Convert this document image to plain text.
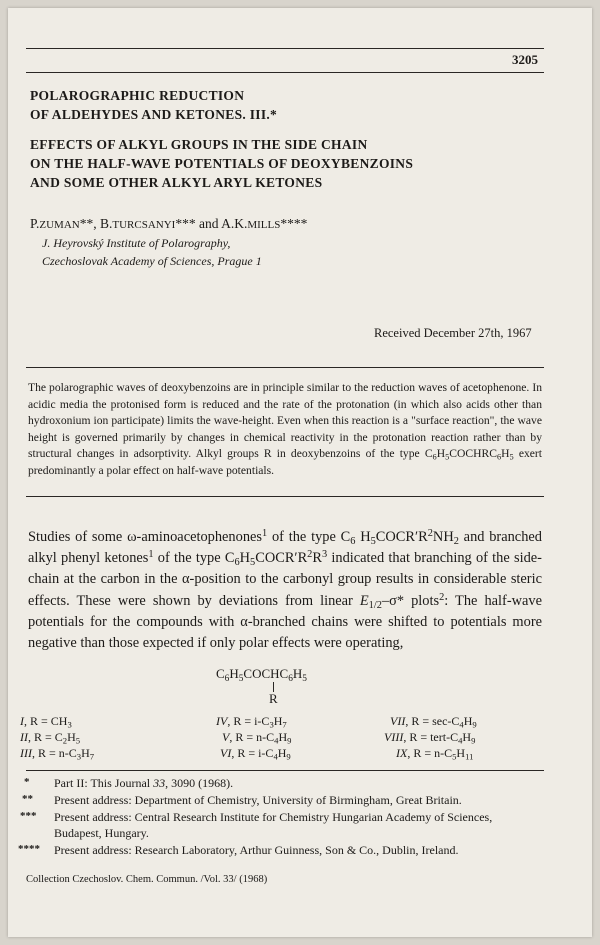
3205
POLAROGRAPHIC REDUCTION
OF ALDEHYDES AND KETONES. III.*
EFFECTS OF ALKYL GROUPS IN THE SIDE CHAIN
ON THE HALF-WAVE POTENTIALS OF DEOXYBENZOINS
AND SOME OTHER ALKYL ARYL KETONES
P.ZUMAN**, B.TURCSANYI*** and A.K.MILLS****
J. Heyrovský Institute of Polarography,
Czechoslovak Academy of Sciences, Prague 1
Received December 27th, 1967
The polarographic waves of deoxybenzoins are in principle similar to the reduction waves of acetophenone. In acidic media the protonised form is reduced and the rate of the protonation (in which also acids other than hydroxonium ion participate) limits the wave-height. Even when this reaction is a "surface reaction", the wave height is governed primarily by changes in chemical reactivity in the protonation reaction rather than by structural changes in adsorptivity. Alkyl groups R in deoxybenzoins of the type $C_6H_5COCHRC_6H_5$ exert predominantly a polar effect on half-wave potentials.
Studies of some ω-aminoacetophenones$^1$ of the type $C_6$ $H_5COCR'R^2NH_2$ and branched alkyl phenyl ketones$^1$ of the type $C_6H_5COCR'R^2R^3$ indicated that branching of the side-chain at the carbon in the α-position to the carbonyl group results in considerable steric effects. These were shown by deviations from linear $E_{1/2}-\sigma*$ plots$^2$: The half-wave potentials for the compounds with α-branched chains were shifted to potentials more negative than those expected if only polar effects were operating,
$C_6H_5COCHC_6H_5$
R
I, $R = CH_3$
II, $R = C_2H_5$
III, $R = n-C_3H_7$
IV, $R = i-C_3H_7$
V, $R = n-C_4H_9$
VI, $R = i-C_4H_9$
VII, $R = \sec-C_4H_9$
VIII, R = tert-$C_4H_9$
IX, $R = n-C_5H_{11}$
* Part II: This Journal 33, 3090 (1968).
** Present address: Department of Chemistry, University of Birmingham, Great Britain.
*** Present address: Central Research Institute for Chemistry Hungarian Academy of Sciences,
Budapest, Hungary.
**** Present address: Research Laboratory, Arthur Guinness, Son & Co., Dublin, Ireland.
Collection Czechoslov. Chem. Commun. /Vol. 33/ (1968)
